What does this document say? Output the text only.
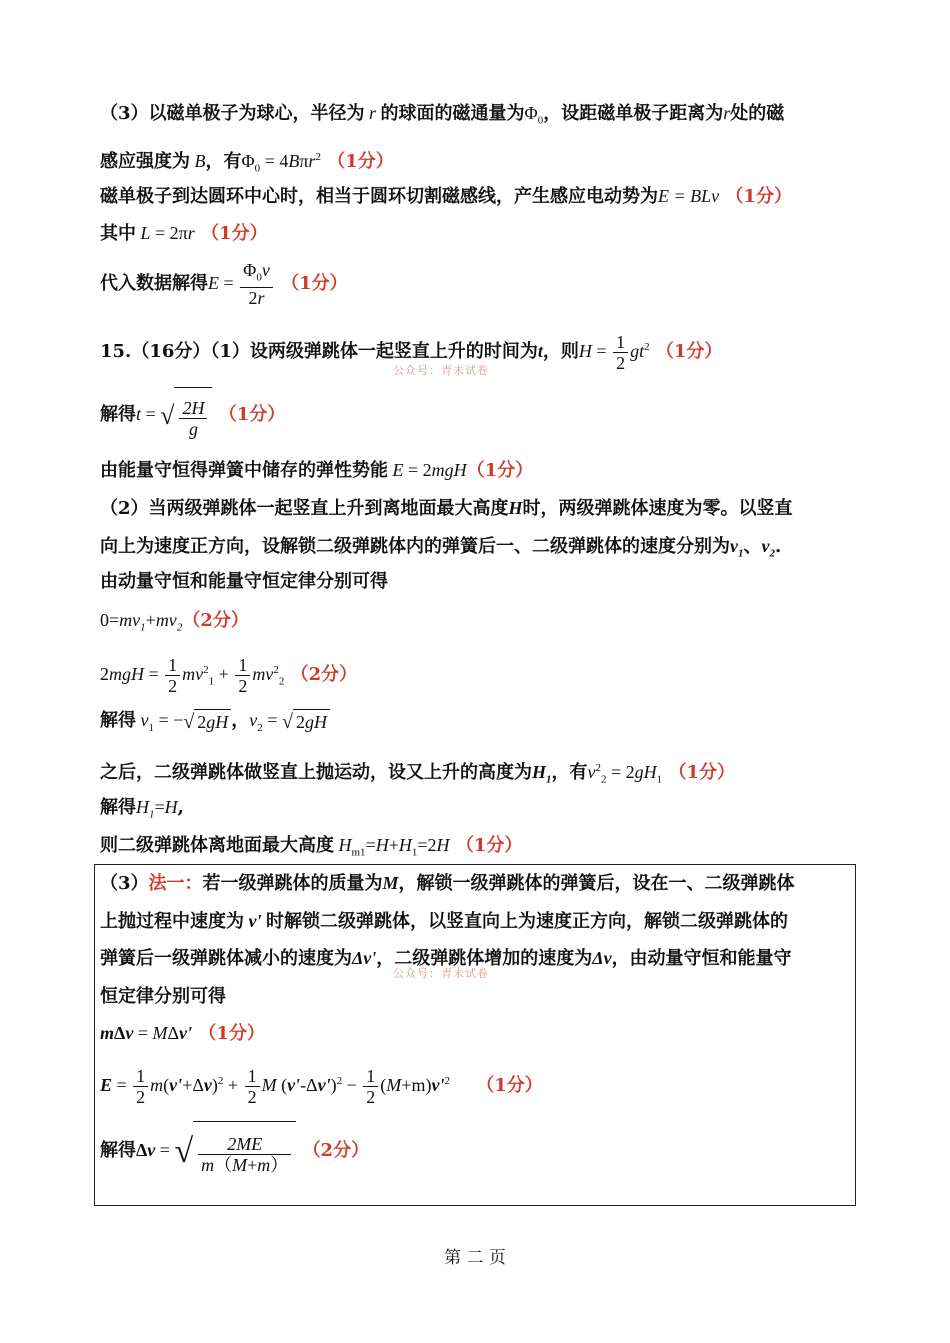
（3）以磁单极子为球心，半径为 r 的球面的磁通量为$\Phi_0$，设距磁单极子距离为r处的磁
感应强度为 B，有$\Phi_0 = 4B\pi r^2$ （1分）
磁单极子到达圆环中心时，相当于圆环切割磁感线，产生感应电动势为E = BLv （1分）
其中 L = 2πr （1分）
代入数据解得$E = \frac{\Phi_0v}{2r} (1$分）
15.（16分）（1）设两级弹跳体一起竖直上升的时间为t，则$H = \frac{1}{2} gt^2$ （1分）
公众号：青未试卷
解得t = √ $\frac{2H}{g} (1$分）
由能量守恒得弹簧中储存的弹性势能 E = 2mgH（1分）
（2）当两级弹跳体一起竖直上升到离地面最大高度H时，两级弹跳体速度为零。以竖直
向上为速度正方向，设解锁二级弹跳体内的弹簧后一、二级弹跳体的速度分别为$v_1$、$v_2$.
由动量守恒和能量守恒定律分别可得
$0=mv_1+mv_2(2$分）
$2mgH = \frac{1}{2} mv^2_1 + \frac{1}{2} mv^2_2$ （2分）
解得 $v_1$ = −√ 2gH ，$v_2$ = √ 2gH
之后，二级弹跳体做竖直上抛运动，设又上升的高度为$H_1$，有$v^2_2 = 2gH_1$ （1分）
解得$H_1=H$,
则二级弹跳体离地面最大高度 $H_{m1}=H+H_1=2H$ （1分）
（3）法一：若一级弹跳体的质量为M，解锁一级弹跳体的弹簧后，设在一、二级弹跳体
上抛过程中速度为 v' 时解锁二级弹跳体，以竖直向上为速度正方向，解锁二级弹跳体的
弹簧后一级弹跳体减小的速度为Δv'，二级弹跳体增加的速度为Δv，由动量守恒和能量守
公众号：青未试卷
恒定律分别可得
mΔv = MΔv' （1分）
$E = \frac{1}{2} m(v'+\Delta v)^2 + \frac{1}{2}$ M $(v'-\Delta v')^2 - \frac{1}{2} (M+m)v'^2$ （1分）
解得Δv = √ $\frac{2ME}{m(M+m)} (2$分）
第 二 页
